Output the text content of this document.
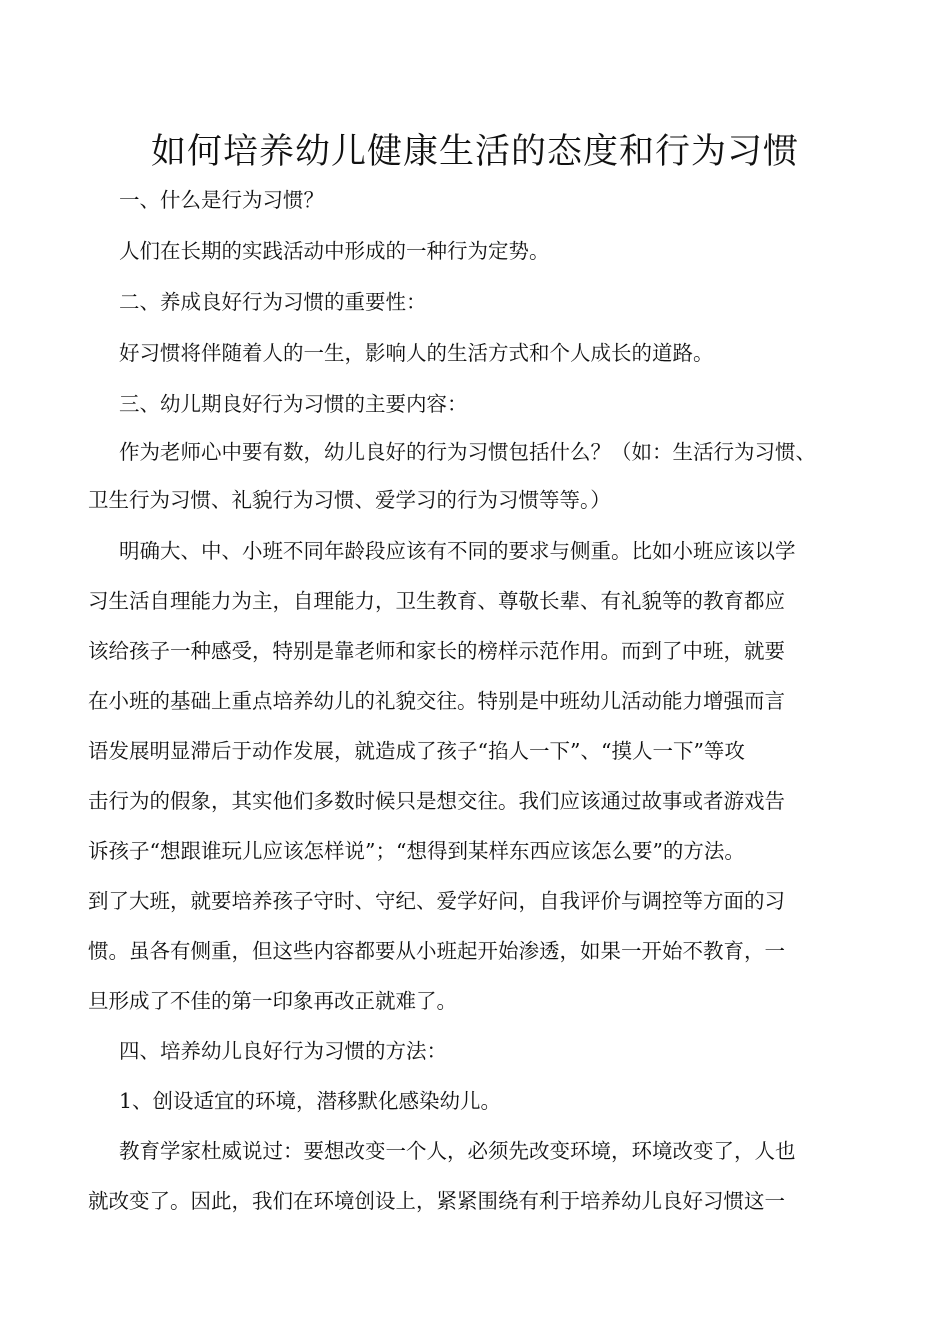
如何培养幼儿健康生活的态度和行为习惯
一、什么是行为习惯？
人们在长期的实践活动中形成的一种行为定势。
二、养成良好行为习惯的重要性：
好习惯将伴随着人的一生，影响人的生活方式和个人成长的道路。
三、幼儿期良好行为习惯的主要内容：
作为老师心中要有数，幼儿良好的行为习惯包括什么？（如：生活行为习惯、
卫生行为习惯、礼貌行为习惯、爱学习的行为习惯等等。）
明确大、中、小班不同年龄段应该有不同的要求与侧重。比如小班应该以学
习生活自理能力为主，自理能力，卫生教育、尊敬长辈、有礼貌等的教育都应
该给孩子一种感受，特别是靠老师和家长的榜样示范作用。而到了中班，就要
在小班的基础上重点培养幼儿的礼貌交往。特别是中班幼儿活动能力增强而言
语发展明显滞后于动作发展，就造成了孩子“掐人一下”、“摸人一下”等攻
击行为的假象，其实他们多数时候只是想交往。我们应该通过故事或者游戏告
诉孩子“想跟谁玩儿应该怎样说”；“想得到某样东西应该怎么要”的方法。
到了大班，就要培养孩子守时、守纪、爱学好问，自我评价与调控等方面的习
惯。虽各有侧重，但这些内容都要从小班起开始渗透，如果一开始不教育，一
旦形成了不佳的第一印象再改正就难了。
四、培养幼儿良好行为习惯的方法：
1、创设适宜的环境，潜移默化感染幼儿。
教育学家杜威说过：要想改变一个人，必须先改变环境，环境改变了，人也
就改变了。因此，我们在环境创设上，紧紧围绕有利于培养幼儿良好习惯这一
